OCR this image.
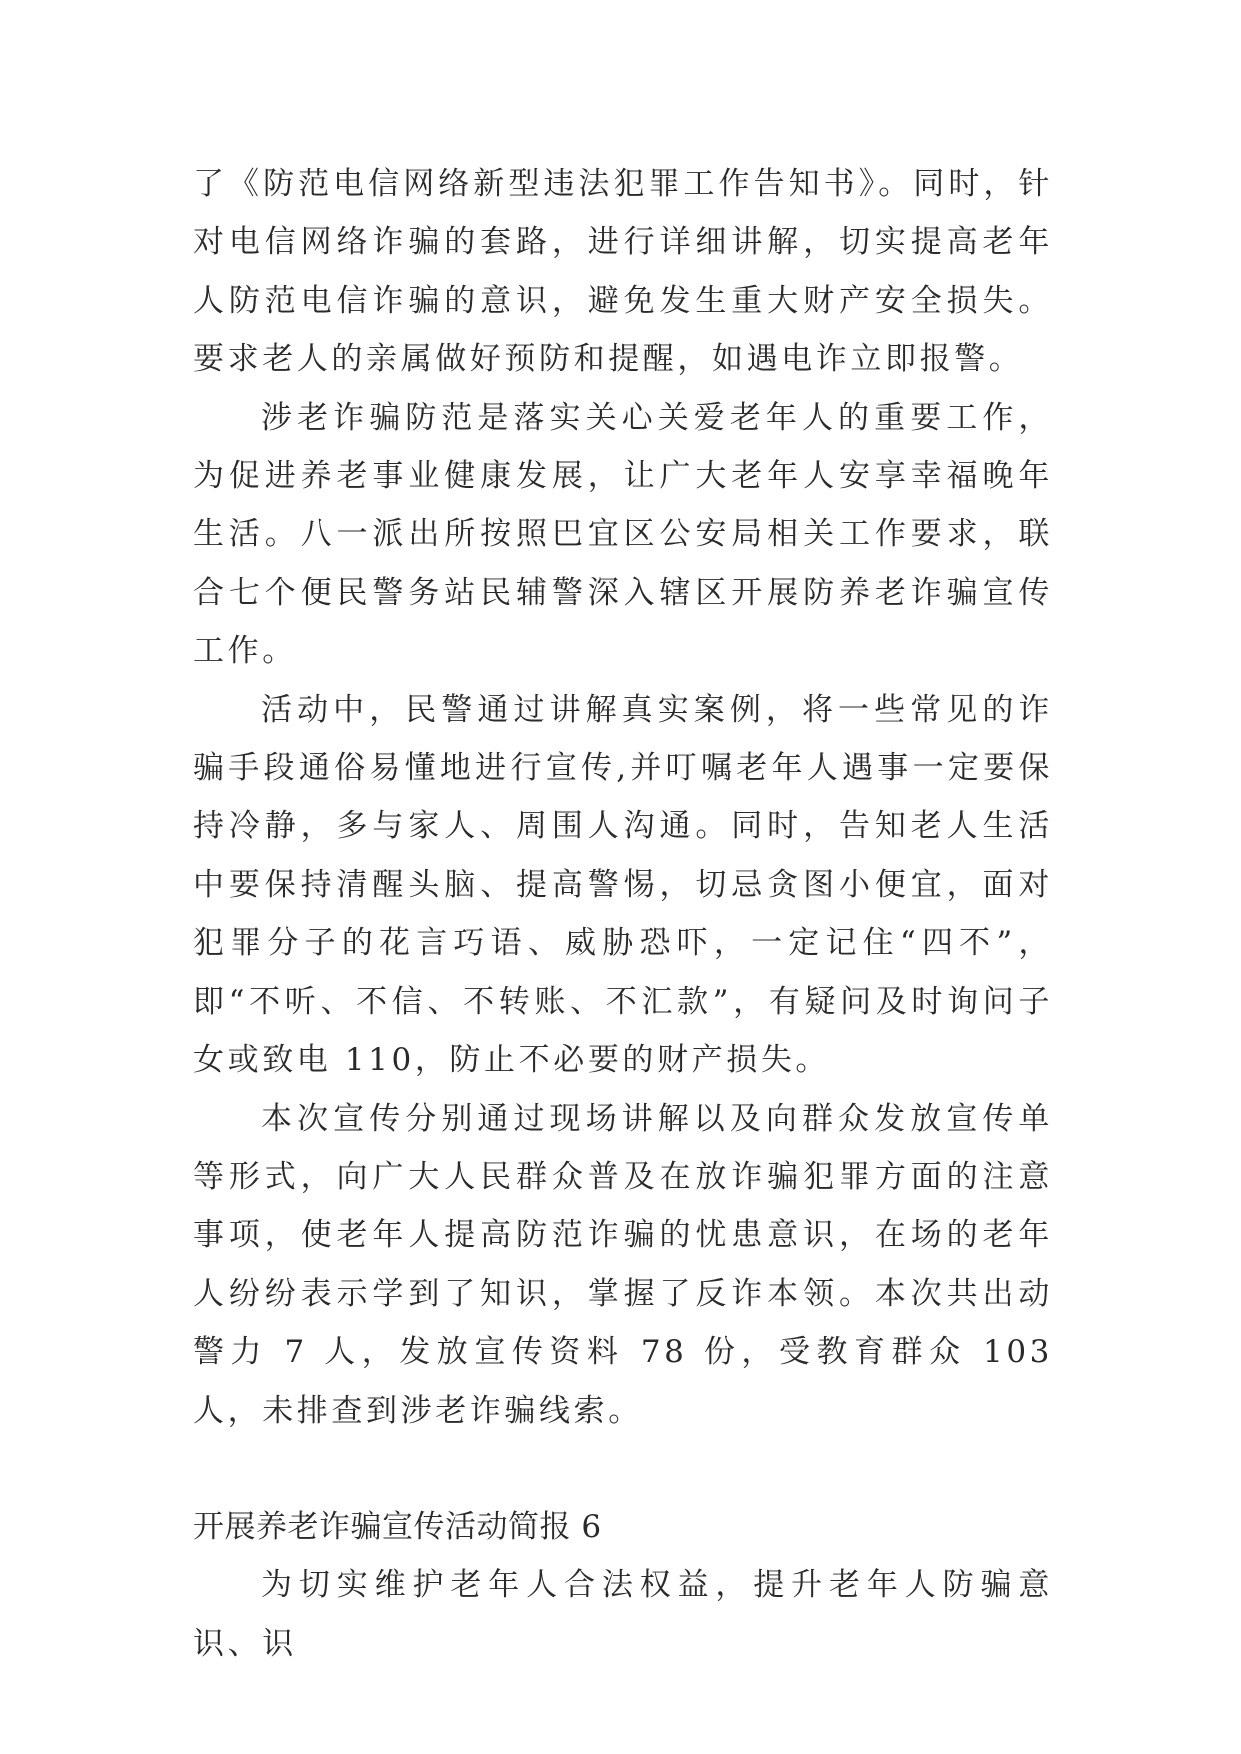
了《防范电信网络新型违法犯罪工作告知书》。同时，针对电信网络诈骗的套路，进行详细讲解，切实提高老年人防范电信诈骗的意识，避免发生重大财产安全损失。要求老人的亲属做好预防和提醒，如遇电诈立即报警。

涉老诈骗防范是落实关心关爱老年人的重要工作，为促进养老事业健康发展，让广大老年人安享幸福晚年生活。八一派出所按照巴宜区公安局相关工作要求，联合七个便民警务站民辅警深入辖区开展防养老诈骗宣传工作。

活动中，民警通过讲解真实案例，将一些常见的诈骗手段通俗易懂地进行宣传,并叮嘱老年人遇事一定要保持冷静，多与家人、周围人沟通。同时，告知老人生活中要保持清醒头脑、提高警惕，切忌贪图小便宜，面对犯罪分子的花言巧语、威胁恐吓，一定记住“四不”，即“不听、不信、不转账、不汇款”，有疑问及时询问子女或致电 110，防止不必要的财产损失。

本次宣传分别通过现场讲解以及向群众发放宣传单等形式，向广大人民群众普及在放诈骗犯罪方面的注意事项，使老年人提高防范诈骗的忧患意识，在场的老年人纷纷表示学到了知识，掌握了反诈本领。本次共出动警力 7 人，发放宣传资料 78 份，受教育群众 103 人，未排查到涉老诈骗线索。

开展养老诈骗宣传活动简报 6

为切实维护老年人合法权益，提升老年人防骗意识、识
